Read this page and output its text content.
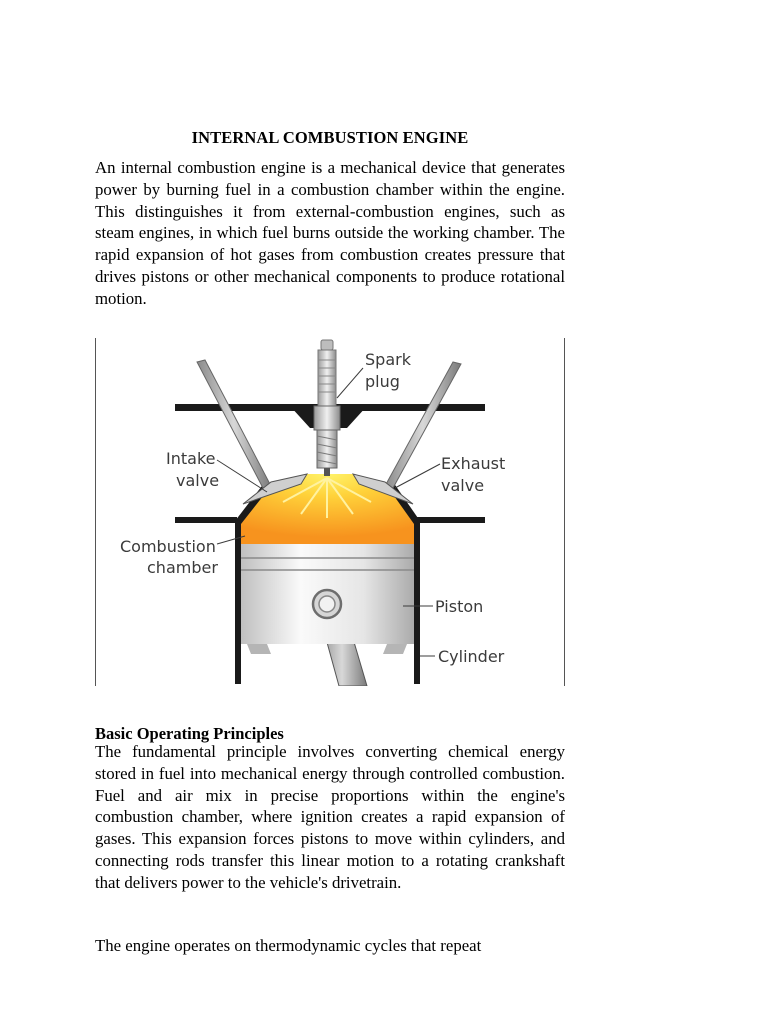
INTERNAL COMBUSTION ENGINE

An internal combustion engine is a mechanical device that generates power by burning fuel in a combustion chamber within the engine. This distinguishes it from external-combustion engines, such as steam engines, in which fuel burns outside the working chamber. The rapid expansion of hot gases from combustion creates pressure that drives pistons or other mechanical components to produce rotational motion.

Spark
plug
Intake
valve
Exhaust
valve
Combustion
chamber
Piston
Cylinder
Basic Operating Principles

The fundamental principle involves converting chemical energy stored in fuel into mechanical energy through controlled combustion. Fuel and air mix in precise proportions within the engine's combustion chamber, where ignition creates a rapid expansion of gases. This expansion forces pistons to move within cylinders, and connecting rods transfer this linear motion to a rotating crankshaft that delivers power to the vehicle's drivetrain.

The engine operates on thermodynamic cycles that repeat
